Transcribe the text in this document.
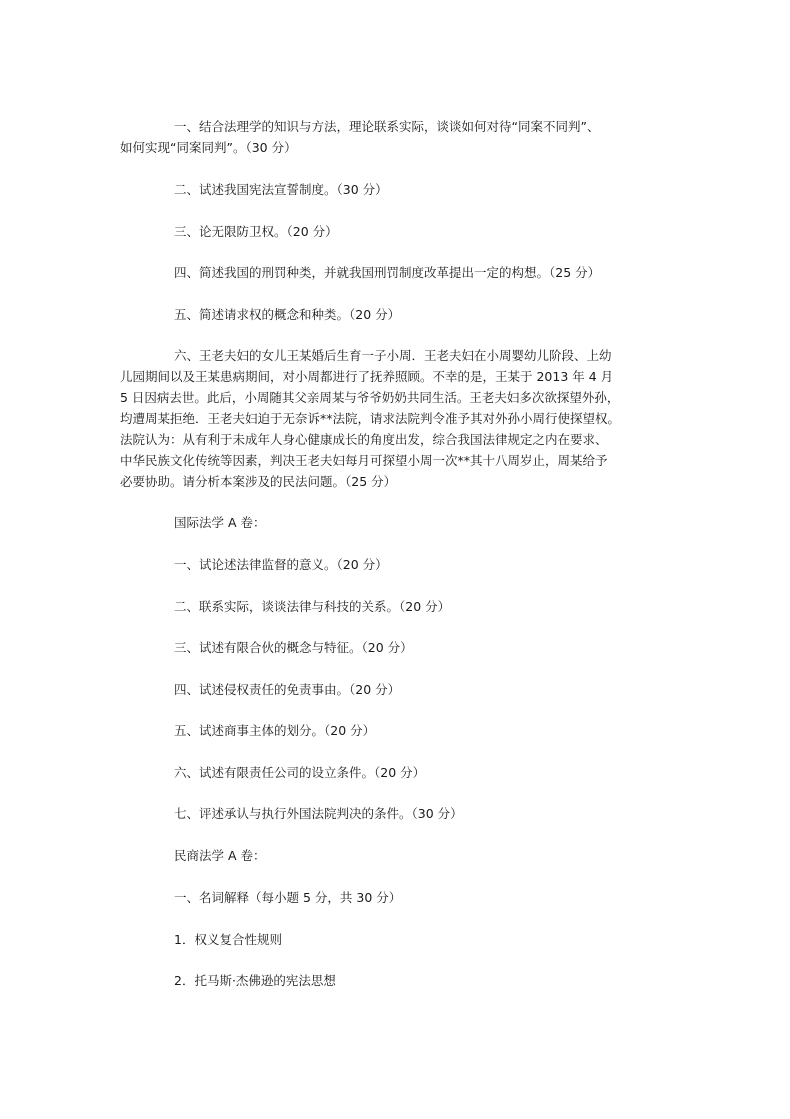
一、结合法理学的知识与方法，理论联系实际，谈谈如何对待“同案不同判”、
如何实现“同案同判”。（30 分）

二、试述我国宪法宣誓制度。（30 分）

三、论无限防卫权。（20 分）

四、简述我国的刑罚种类，并就我国刑罚制度改革提出一定的构想。（25 分）

五、简述请求权的概念和种类。（20 分）

六、王老夫妇的女儿王某婚后生育一子小周．王老夫妇在小周婴幼儿阶段、上幼
儿园期间以及王某患病期间，对小周都进行了抚养照顾。不幸的是，王某于 2013 年 4 月
5 日因病去世。此后，小周随其父亲周某与爷爷奶奶共同生活。王老夫妇多次欲探望外孙，
均遭周某拒绝．王老夫妇迫于无奈诉**法院，请求法院判令准予其对外孙小周行使探望权。
法院认为：从有利于未成年人身心健康成长的角度出发，综合我国法律规定之内在要求、
中华民族文化传统等因素，判决王老夫妇每月可探望小周一次**其十八周岁止，周某给予
必要协助。请分析本案涉及的民法问题。（25 分）

国际法学 A 卷：

一、试论述法律监督的意义。（20 分）

二、联系实际，谈谈法律与科技的关系。（20 分）

三、试述有限合伙的概念与特征。（20 分）

四、试述侵权责任的免责事由。（20 分）

五、试述商事主体的划分。（20 分）

六、试述有限责任公司的设立条件。（20 分）

七、评述承认与执行外国法院判决的条件。（30 分）

民商法学 A 卷：

一、名词解释（每小题 5 分，共 30 分）

1．权义复合性规则

2．托马斯·杰佛逊的宪法思想
